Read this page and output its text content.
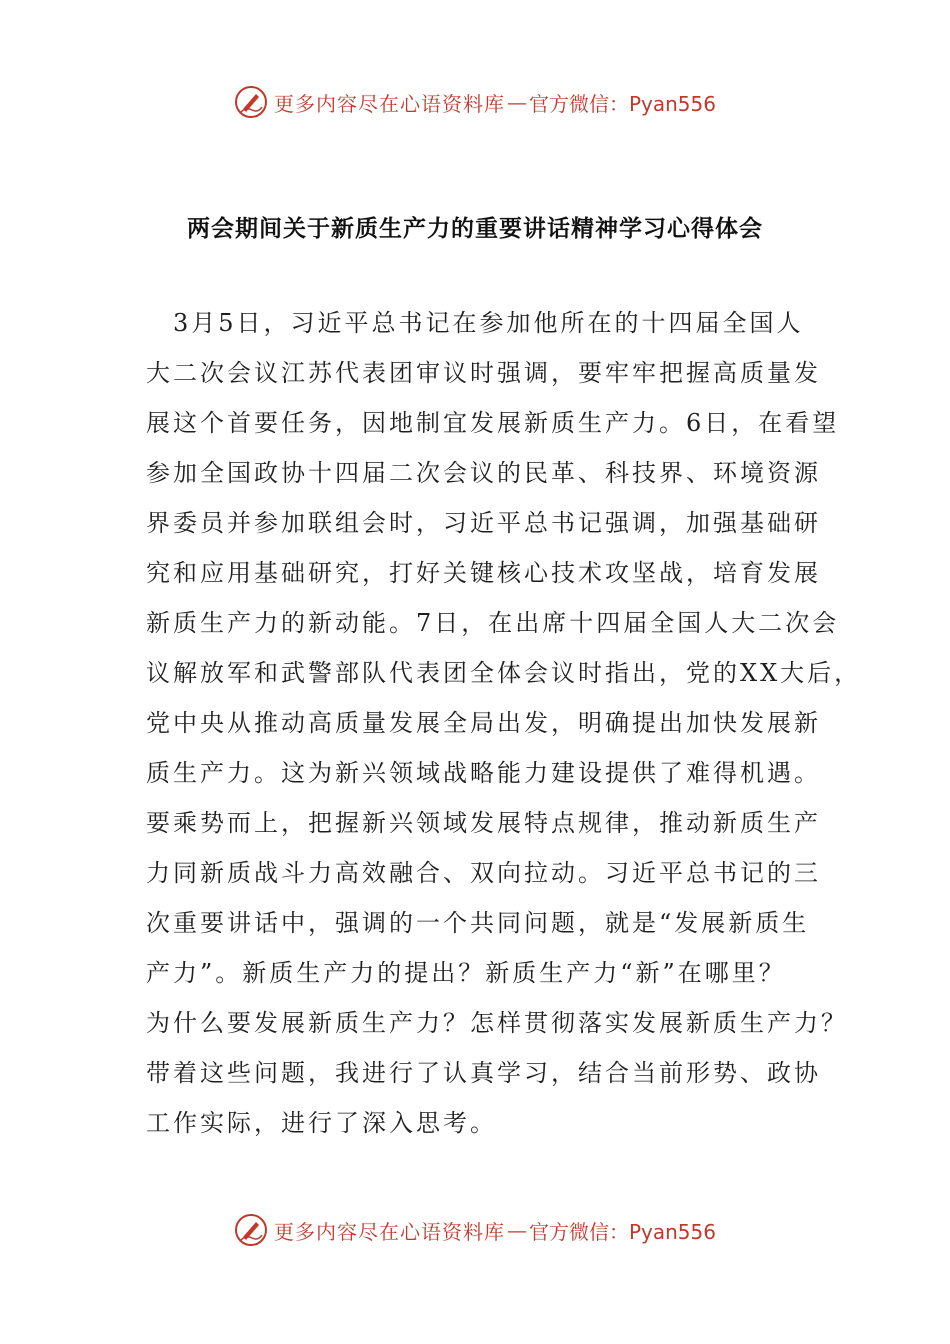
更多内容尽在心语资料库 — 官方微信：Pyan556
两会期间关于新质生产力的重要讲话精神学习心得体会
　3月5日，习近平总书记在参加他所在的十四届全国人
大二次会议江苏代表团审议时强调，要牢牢把握高质量发
展这个首要任务，因地制宜发展新质生产力。6日，在看望
参加全国政协十四届二次会议的民革、科技界、环境资源
界委员并参加联组会时，习近平总书记强调，加强基础研
究和应用基础研究，打好关键核心技术攻坚战，培育发展
新质生产力的新动能。7日，在出席十四届全国人大二次会
议解放军和武警部队代表团全体会议时指出，党的XX大后，
党中央从推动高质量发展全局出发，明确提出加快发展新
质生产力。这为新兴领域战略能力建设提供了难得机遇。
要乘势而上，把握新兴领域发展特点规律，推动新质生产
力同新质战斗力高效融合、双向拉动。习近平总书记的三
次重要讲话中，强调的一个共同问题，就是“发展新质生
产力”。新质生产力的提出？新质生产力“新”在哪里？
为什么要发展新质生产力？怎样贯彻落实发展新质生产力？
带着这些问题，我进行了认真学习，结合当前形势、政协
工作实际，进行了深入思考。
更多内容尽在心语资料库 — 官方微信：Pyan556
